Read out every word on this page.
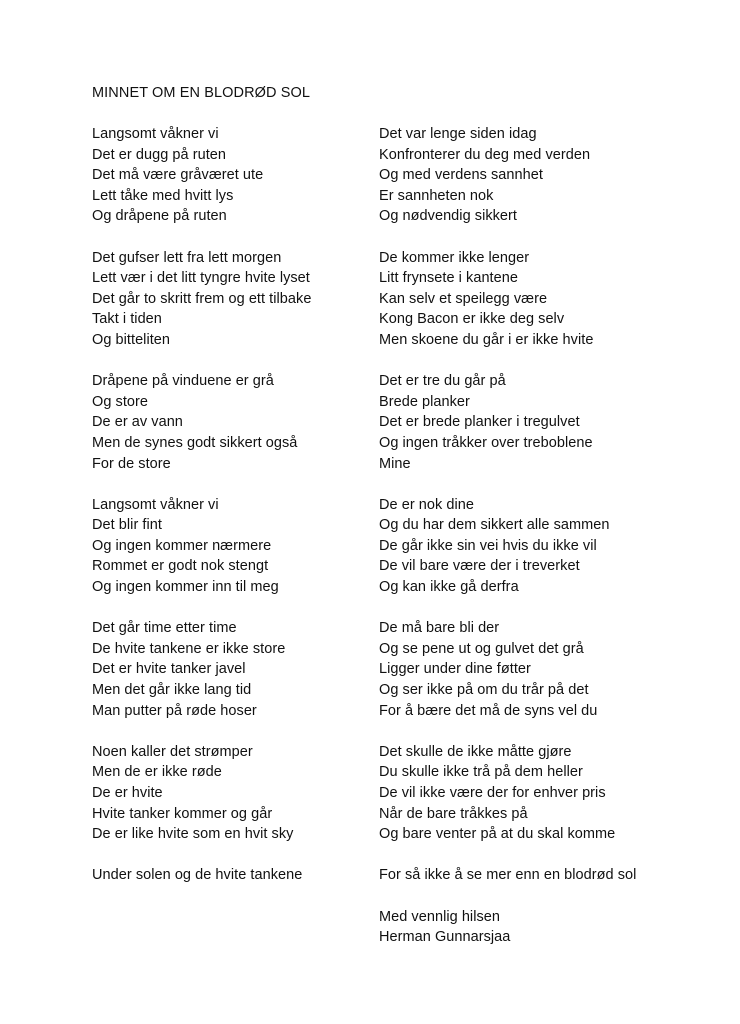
MINNET OM EN BLODRØD SOL
Langsomt våkner vi
Det er dugg på ruten
Det må være gråværet ute
Lett tåke med hvitt lys
Og dråpene på ruten
Det gufser lett fra lett morgen
Lett vær i det litt tyngre hvite lyset
Det går to skritt frem og ett tilbake
Takt i tiden
Og bitteliten
Dråpene på vinduene er grå
Og store
De er av vann
Men de synes godt sikkert også
For de store
Langsomt våkner vi
Det blir fint
Og ingen kommer nærmere
Rommet er godt nok stengt
Og ingen kommer inn til meg
Det går time etter time
De hvite tankene er ikke store
Det er hvite tanker javel
Men det går ikke lang tid
Man putter på røde hoser
Noen kaller det strømper
Men de er ikke røde
De er hvite
Hvite tanker kommer og går
De er like hvite som en hvit sky
Under solen og de hvite tankene
Det var lenge siden idag
Konfronterer du deg med verden
Og med verdens sannhet
Er sannheten nok
Og nødvendig sikkert
De kommer ikke lenger
Litt frynsete i kantene
Kan selv et speilegg være
Kong Bacon er ikke deg selv
Men skoene du går i er ikke hvite
Det er tre du går på
Brede planker
Det er brede planker i tregulvet
Og ingen tråkker over treboblene
Mine
De er nok dine
Og du har dem sikkert alle sammen
De går ikke sin vei hvis du ikke vil
De vil bare være der i treverket
Og kan ikke gå derfra
De må bare bli der
Og se pene ut og gulvet det grå
Ligger under dine føtter
Og ser ikke på om du trår på det
For å bære det må de syns vel du
Det skulle de ikke måtte gjøre
Du skulle ikke trå på dem heller
De vil ikke være der for enhver pris
Når de bare tråkkes på
Og bare venter på at du skal komme
For så ikke å se mer enn en blodrød sol
Med vennlig hilsen
Herman Gunnarsjaa
